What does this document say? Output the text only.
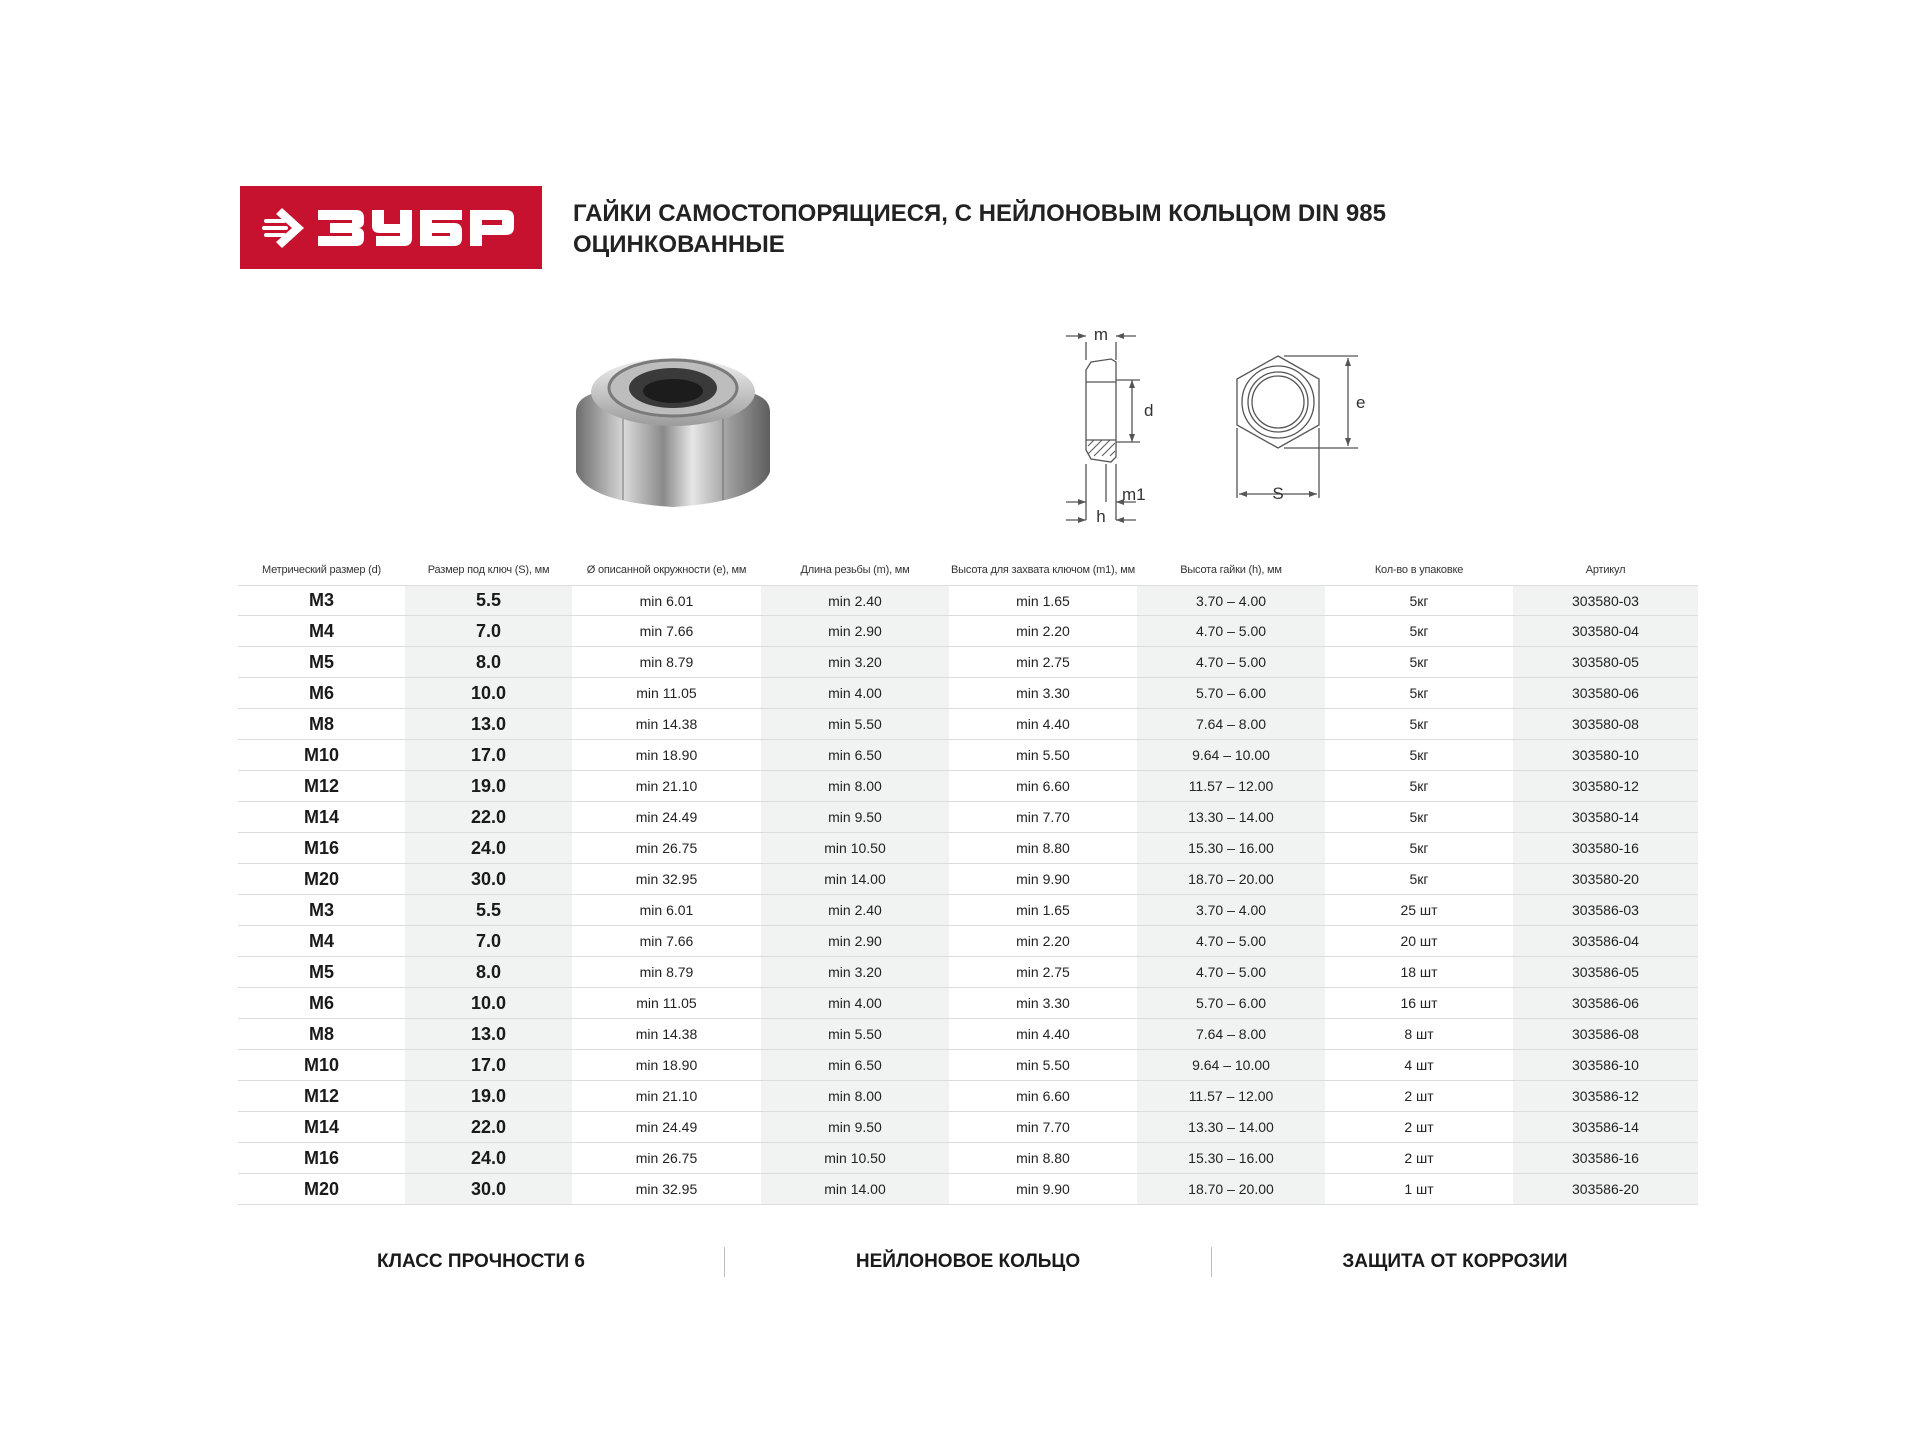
ГАЙКИ САМОСТОПОРЯЩИЕСЯ, С НЕЙЛОНОВЫМ КОЛЬЦОМ DIN 985
ОЦИНКОВАННЫЕ
m
d
m1
h
e
S
Метрический размер (d)	Размер под ключ (S), мм	Ø описанной окружности (e), мм	Длина резьбы (m), мм	Высота для захвата ключом (m1), мм	Высота гайки (h), мм	Кол-во в упаковке	Артикул
M3	5.5	min 6.01	min 2.40	min 1.65	3.70 – 4.00	5кг	303580-03
M4	7.0	min 7.66	min 2.90	min 2.20	4.70 – 5.00	5кг	303580-04
M5	8.0	min 8.79	min 3.20	min 2.75	4.70 – 5.00	5кг	303580-05
M6	10.0	min 11.05	min 4.00	min 3.30	5.70 – 6.00	5кг	303580-06
M8	13.0	min 14.38	min 5.50	min 4.40	7.64 – 8.00	5кг	303580-08
M10	17.0	min 18.90	min 6.50	min 5.50	9.64 – 10.00	5кг	303580-10
M12	19.0	min 21.10	min 8.00	min 6.60	11.57 – 12.00	5кг	303580-12
M14	22.0	min 24.49	min 9.50	min 7.70	13.30 – 14.00	5кг	303580-14
M16	24.0	min 26.75	min 10.50	min 8.80	15.30 – 16.00	5кг	303580-16
M20	30.0	min 32.95	min 14.00	min 9.90	18.70 – 20.00	5кг	303580-20
M3	5.5	min 6.01	min 2.40	min 1.65	3.70 – 4.00	25 шт	303586-03
M4	7.0	min 7.66	min 2.90	min 2.20	4.70 – 5.00	20 шт	303586-04
M5	8.0	min 8.79	min 3.20	min 2.75	4.70 – 5.00	18 шт	303586-05
M6	10.0	min 11.05	min 4.00	min 3.30	5.70 – 6.00	16 шт	303586-06
M8	13.0	min 14.38	min 5.50	min 4.40	7.64 – 8.00	8 шт	303586-08
M10	17.0	min 18.90	min 6.50	min 5.50	9.64 – 10.00	4 шт	303586-10
M12	19.0	min 21.10	min 8.00	min 6.60	11.57 – 12.00	2 шт	303586-12
M14	22.0	min 24.49	min 9.50	min 7.70	13.30 – 14.00	2 шт	303586-14
M16	24.0	min 26.75	min 10.50	min 8.80	15.30 – 16.00	2 шт	303586-16
M20	30.0	min 32.95	min 14.00	min 9.90	18.70 – 20.00	1 шт	303586-20
КЛАСС ПРОЧНОСТИ 6	НЕЙЛОНОВОЕ КОЛЬЦО	ЗАЩИТА ОТ КОРРОЗИИ
